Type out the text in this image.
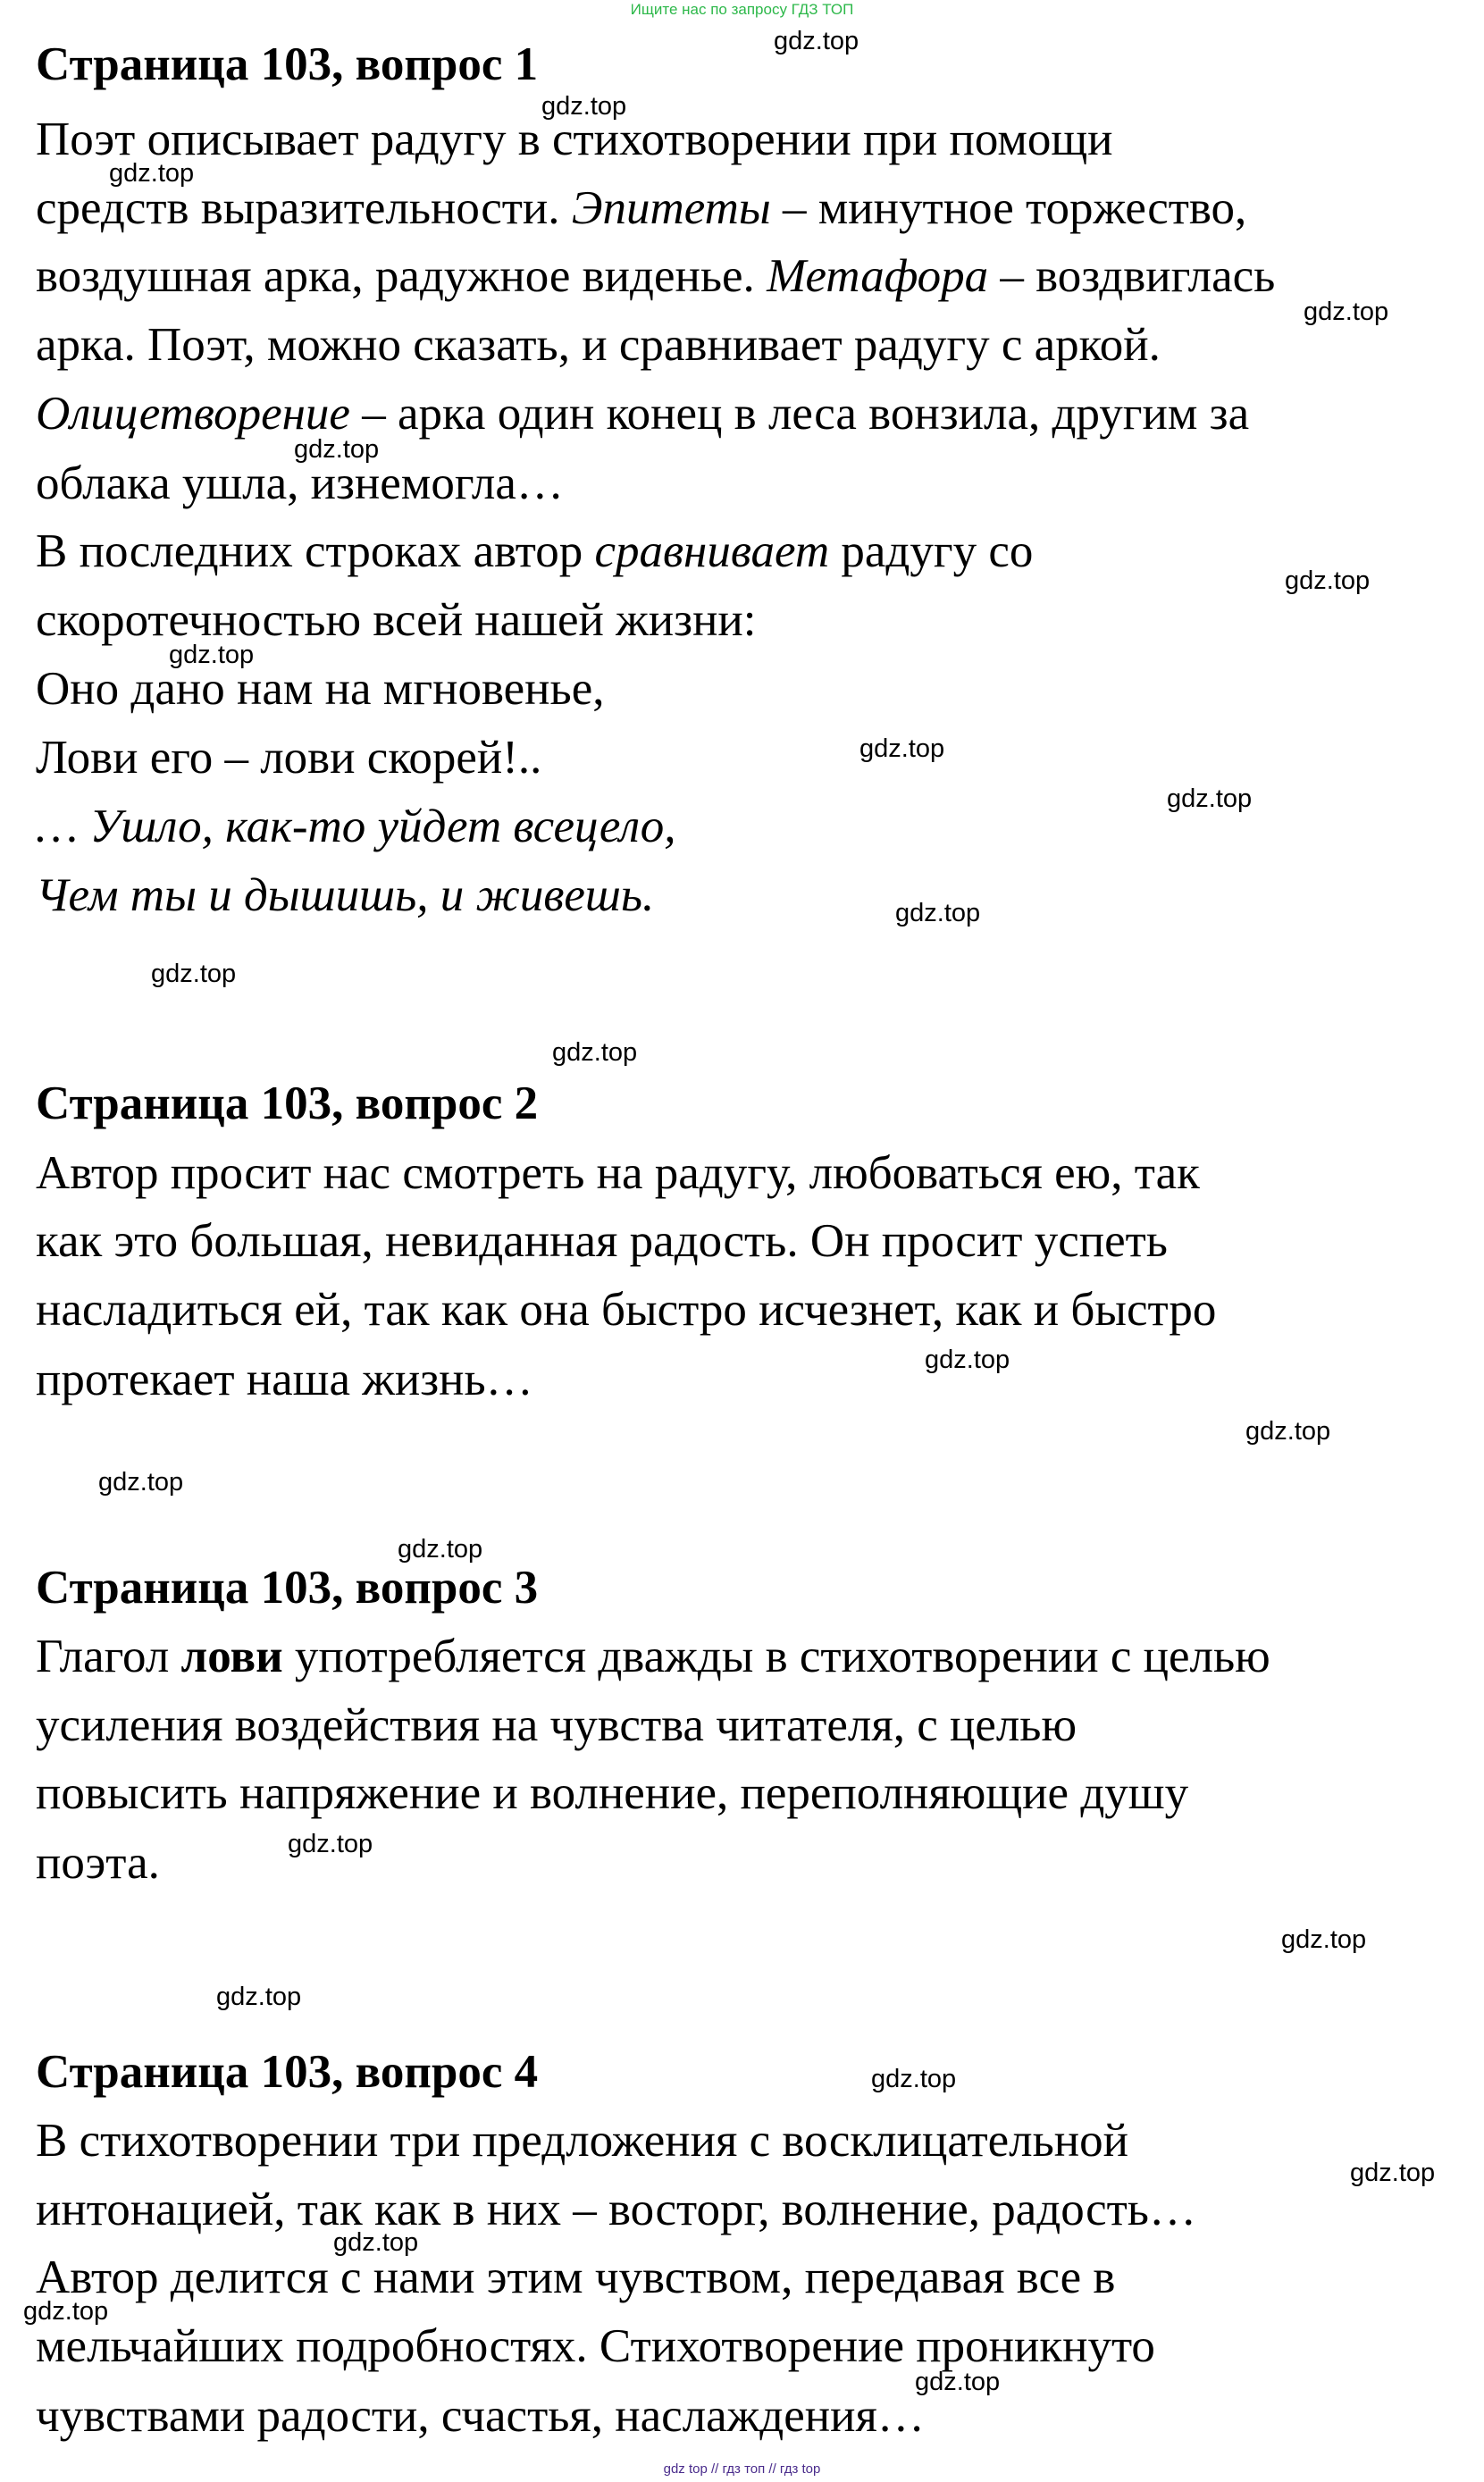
Ищите нас по запросу ГДЗ ТОП
Страница 103, вопрос 1

Поэт описывает радугу в стихотворении при помощи

средств выразительности. Эпитеты – минутное торжество,

воздушная арка, радужное виденье. Метафора – воздвиглась

арка. Поэт, можно сказать, и сравнивает радугу с аркой.

Олицетворение – арка один конец в леса вонзила, другим за

облака ушла, изнемогла…

В последних строках автор сравнивает радугу со

скоротечностью всей нашей жизни:

Оно дано нам на мгновенье,

Лови его – лови скорей!..

… Ушло, как-то уйдет всецело,

Чем ты и дышишь, и живешь.

Страница 103, вопрос 2

Автор просит нас смотреть на радугу, любоваться ею, так

как это большая, невиданная радость. Он просит успеть

насладиться ей, так как она быстро исчезнет, как и быстро

протекает наша жизнь…

Страница 103, вопрос 3

Глагол лови употребляется дважды в стихотворении с целью

усиления воздействия на чувства читателя, с целью

повысить напряжение и волнение, переполняющие душу

поэта.

Страница 103, вопрос 4

В стихотворении три предложения с восклицательной

интонацией, так как в них – восторг, волнение, радость…

Автор делится с нами этим чувством, передавая все в

мельчайших подробностях. Стихотворение проникнуто

чувствами радости, счастья, наслаждения…

gdz.top
gdz.top
gdz.top
gdz.top
gdz.top
gdz.top
gdz.top
gdz.top
gdz.top
gdz.top
gdz.top
gdz.top
gdz.top
gdz.top
gdz.top
gdz.top
gdz.top
gdz.top
gdz.top
gdz.top
gdz.top
gdz.top
gdz.top
gdz.top
gdz top // гдз топ // гдз top
